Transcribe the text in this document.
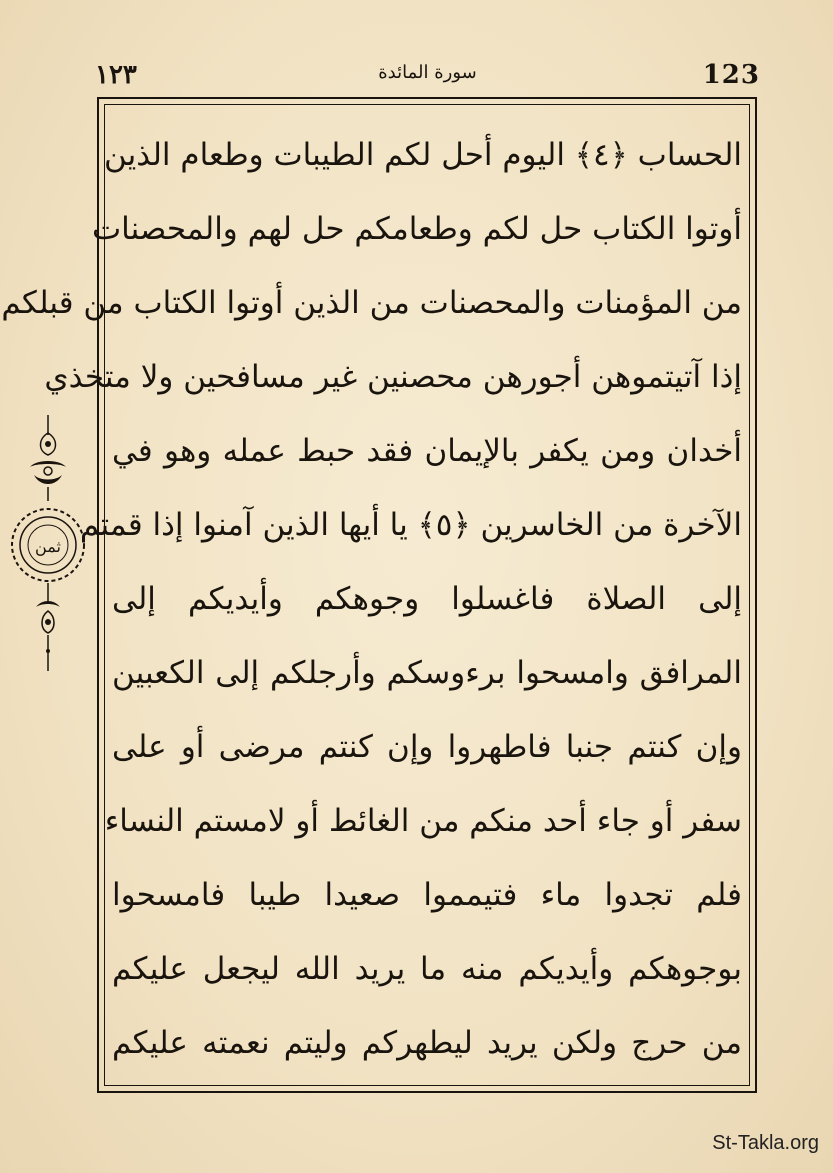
١٢٣	سورة المائدة	123
الحساب ﴿٤﴾ اليوم أحل لكم الطيبات وطعام الذين
أوتوا الكتاب حل لكم وطعامكم حل لهم والمحصنات
من المؤمنات والمحصنات من الذين أوتوا الكتاب من قبلكم
إذا آتيتموهن أجورهن محصنين غير مسافحين ولا متخذي
أخدان ومن يكفر بالإيمان فقد حبط عمله وهو في
الآخرة من الخاسرين ﴿٥﴾ يا أيها الذين آمنوا إذا قمتم
إلى الصلاة فاغسلوا وجوهكم وأيديكم إلى
المرافق وامسحوا برءوسكم وأرجلكم إلى الكعبين
وإن كنتم جنبا فاطهروا وإن كنتم مرضى أو على
سفر أو جاء أحد منكم من الغائط أو لامستم النساء
فلم تجدوا ماء فتيمموا صعيدا طيبا فامسحوا
بوجوهكم وأيديكم منه ما يريد الله ليجعل عليكم
من حرج ولكن يريد ليطهركم وليتم نعمته عليكم
ثمن
St-Takla.org
